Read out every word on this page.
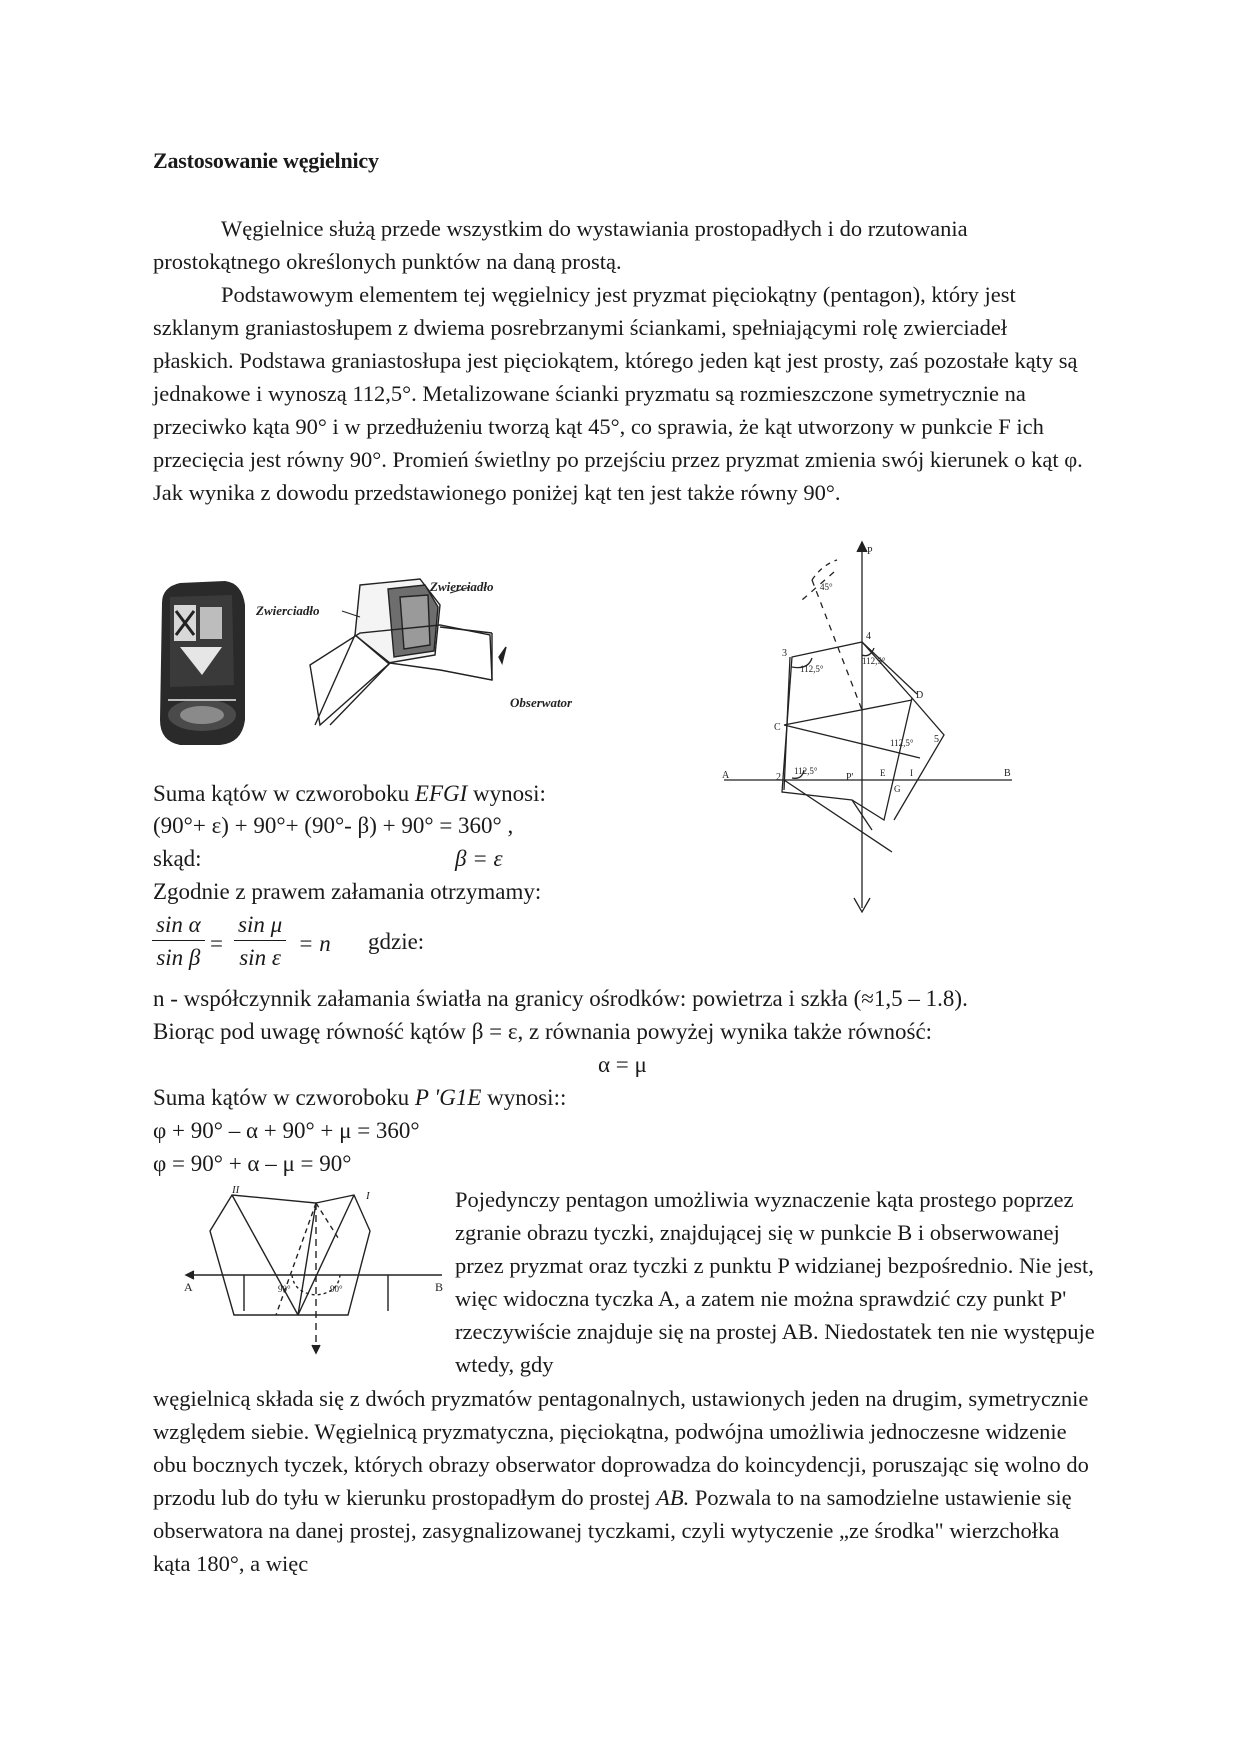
Zastosowanie węgielnicy

Węgielnice służą przede wszystkim do wystawiania prostopadłych i do rzutowania prostokątnego określonych punktów na daną prostą.

Podstawowym elementem tej węgielnicy jest pryzmat pięciokątny (pentagon), który jest szklanym graniastosłupem z dwiema posrebrzanymi ściankami, spełniającymi rolę zwierciadeł płaskich. Podstawa graniastosłupa jest pięciokątem, którego jeden kąt jest prosty, zaś pozostałe kąty są jednakowe i wynoszą 112,5°. Metalizowane ścianki pryzmatu są rozmieszczone symetrycznie na przeciwko kąta 90° i w przedłużeniu tworzą kąt 45°, co sprawia, że kąt utworzony w punkcie F ich przecięcia jest równy 90°. Promień świetlny po przejściu przez pryzmat zmienia swój kierunek o kąt φ. Jak wynika z dowodu przedstawionego poniżej kąt ten jest także równy 90°.

Zwierciadło
Zwierciadło
Obserwator
P
45°
112,5°
112,5°
112,5°
112,5°
3
4
C
D
2
5
P'	E
G
I
A	B
Suma kątów w czworoboku EFGI wynosi:
(90°+ ε) + 90°+ (90°- β) + 90° = 360° ,
skąd:	β = ε
Zgodnie z prawem załamania otrzymamy:
$\frac{\text{sin α}}{\text{sin β}} = \frac{\text{sin μ}}{\text{sin ε}} = n$ gdzie:
n - współczynnik załamania światła na granicy ośrodków: powietrza i szkła (≈1,5 – 1.8).
Biorąc pod uwagę równość kątów β = ε, z równania powyżej wynika także równość:
α = μ
Suma kątów w czworoboku P 'G1E wynosi::
φ + 90° – α + 90° + μ = 360°
φ = 90° + α – μ = 90°
II	I
A	B
90°	90°

Pojedynczy pentagon umożliwia wyznaczenie kąta prostego poprzez zgranie obrazu tyczki, znajdującej się w punkcie B i obserwowanej przez pryzmat oraz tyczki z punktu P widzianej bezpośrednio. Nie jest, więc widoczna tyczka A, a zatem nie można sprawdzić czy punkt P' rzeczywiście znajduje się na prostej AB. Niedostatek ten nie występuje wtedy, gdy

węgielnicą składa się z dwóch pryzmatów pentagonalnych, ustawionych jeden na drugim, symetrycznie względem siebie. Węgielnicą pryzmatyczna, pięciokątna, podwójna umożliwia jednoczesne widzenie obu bocznych tyczek, których obrazy obserwator doprowadza do koincydencji, poruszając się wolno do przodu lub do tyłu w kierunku prostopadłym do prostej AB. Pozwala to na samodzielne ustawienie się obserwatora na danej prostej, zasygnalizowanej tyczkami, czyli wytyczenie „ze środka" wierzchołka kąta 180°, a więc
